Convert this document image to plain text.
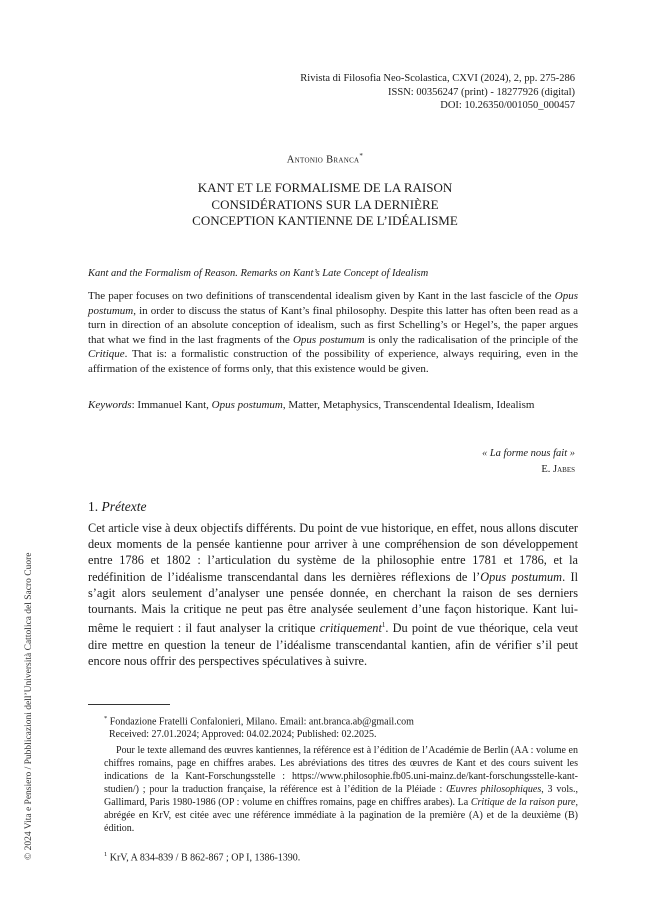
Rivista di Filosofia Neo-Scolastica, CXVI (2024), 2, pp. 275-286
ISSN: 00356247 (print) - 18277926 (digital)
DOI: 10.26350/001050_000457
Antonio Branca*
KANT ET LE FORMALISME DE LA RAISON
CONSIDÉRATIONS SUR LA DERNIÈRE
CONCEPTION KANTIENNE DE L’IDÉALISME
Kant and the Formalism of Reason. Remarks on Kant’s Late Concept of Idealism

The paper focuses on two definitions of transcendental idealism given by Kant in the last fascicle of the Opus postumum, in order to discuss the status of Kant’s final philosophy. Despite this latter has often been read as a turn in direction of an absolute conception of idealism, such as first Schelling’s or Hegel’s, the paper argues that what we find in the last fragments of the Opus postumum is only the radicalisation of the principle of the Critique. That is: a formalistic construction of the possibility of experience, always requiring, even in the affirmation of the existence of forms only, that this existence would be given.

Keywords: Immanuel Kant, Opus postumum, Matter, Metaphysics, Transcendental Idealism, Idealism
« La forme nous fait »
E. Jabes
1. Prétexte

Cet article vise à deux objectifs différents. Du point de vue historique, en effet, nous allons discuter deux moments de la pensée kantienne pour arriver à une compréhension de son développement entre 1786 et 1802 : l’articulation du système de la philosophie entre 1781 et 1786, et la redéfinition de l’idéalisme transcendantal dans les dernières réflexions de l’Opus postumum. Il s’agit alors seulement d’analyser une pensée donnée, en cherchant la raison de ses derniers tournants. Mais la critique ne peut pas être analysée seulement d’une façon historique. Kant lui-même le requiert : il faut analyser la critique critiquement$^1$. Du point de vue théorique, cela veut dire mettre en question la teneur de l’idéalisme transcendantal kantien, afin de vérifier s’il peut encore nous offrir des perspectives spéculatives à suivre.

* Fondazione Fratelli Confalonieri, Milano. Email: ant.branca.ab@gmail.com
Received: 27.01.2024; Approved: 04.02.2024; Published: 02.2025.

Pour le texte allemand des œuvres kantiennes, la référence est à l’édition de l’Académie de Berlin (AA : volume en chiffres romains, page en chiffres arabes. Les abréviations des titres des œuvres de Kant et des cours suivent les indications de la Kant-Forschungsstelle : https://www.philosophie.fb05.uni-mainz.de/kant-forschungsstelle-kant-studien/) ; pour la traduction française, la référence est à l’édition de la Pléiade : Œuvres philosophiques, 3 vols., Gallimard, Paris 1980-1986 (OP : volume en chiffres romains, page en chiffres arabes). La Critique de la raison pure, abrégée en KrV, est citée avec une référence immédiate à la pagination de la première (A) et de la deuxième (B) édition.

$^1$ KrV, A 834-839 / B 862-867 ; OP I, 1386-1390.
© 2024 Vita e Pensiero / Pubblicazioni dell’Università Cattolica del Sacro Cuore
